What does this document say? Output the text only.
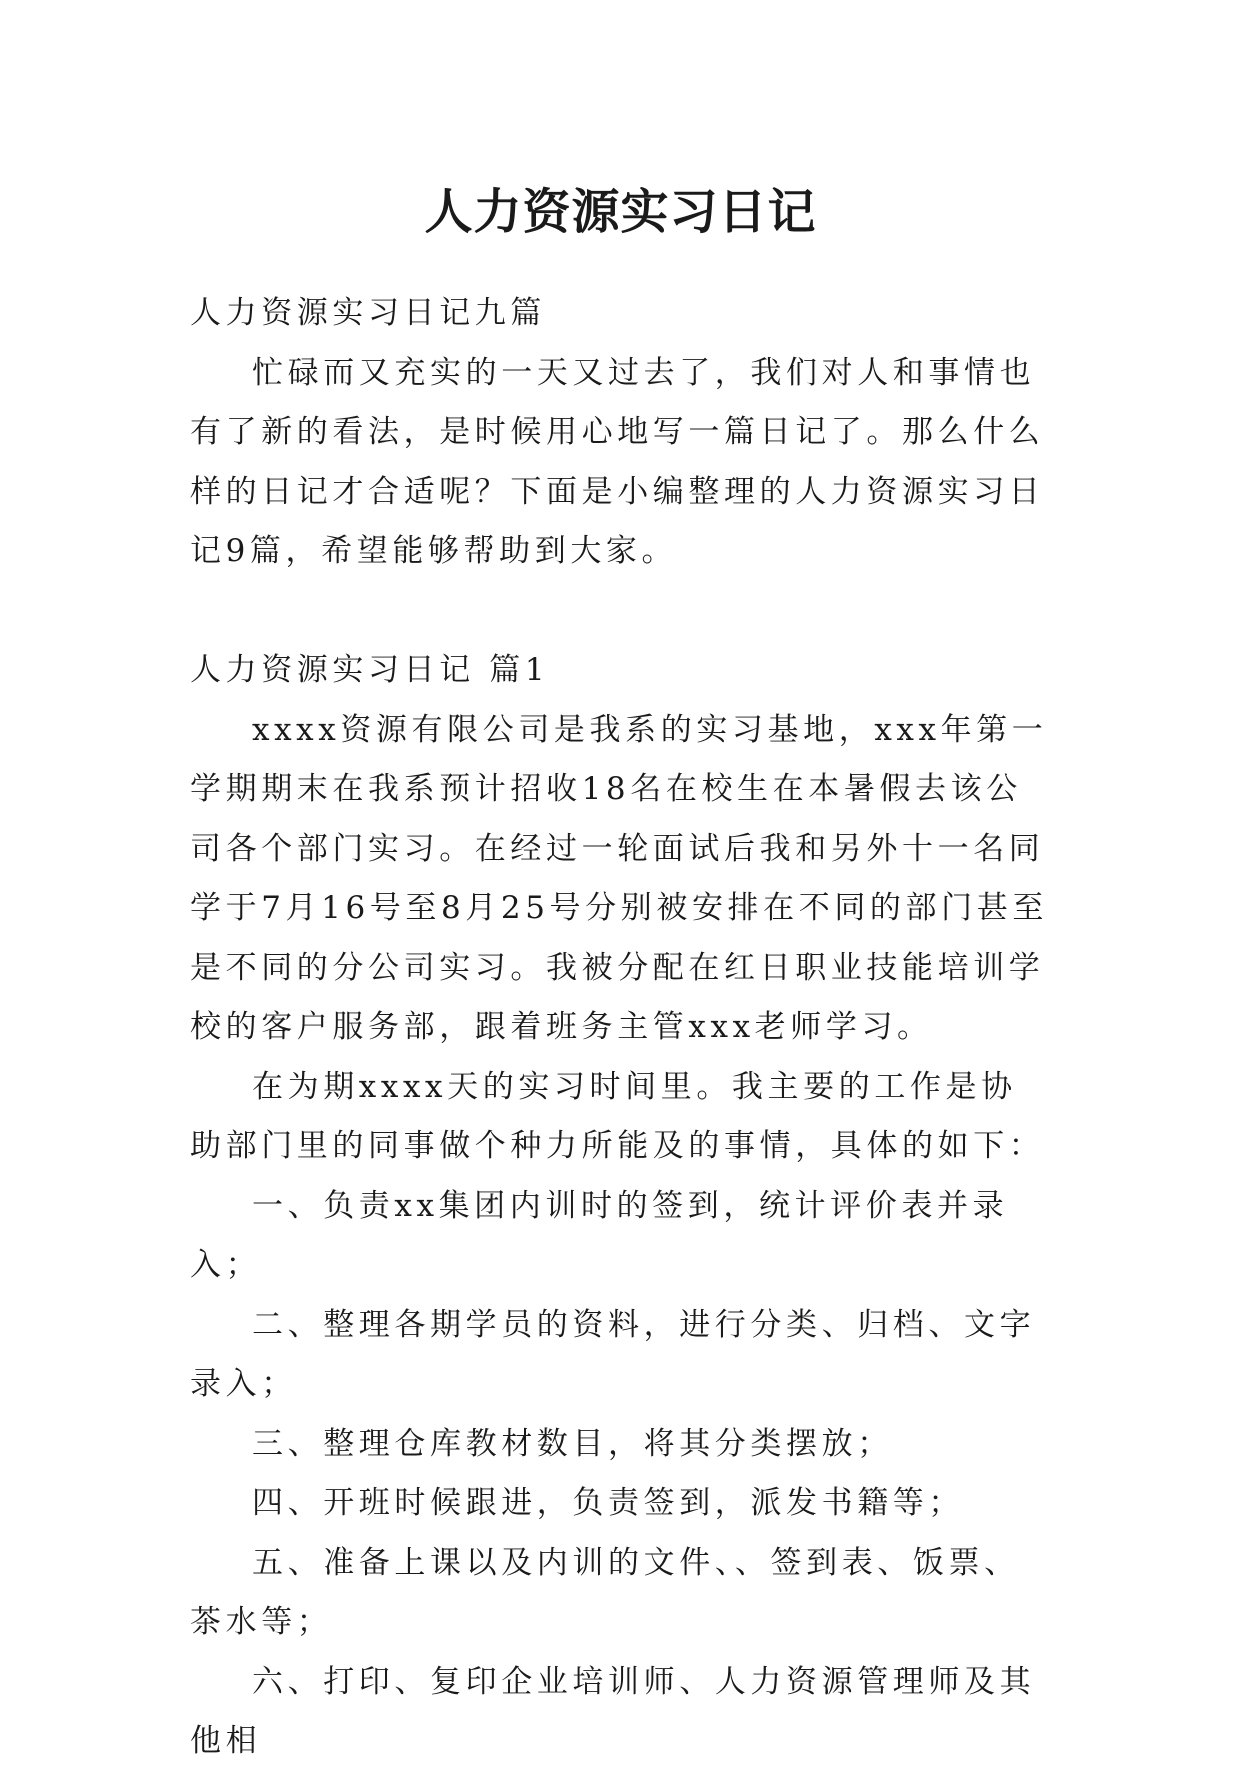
人力资源实习日记

人力资源实习日记九篇

忙碌而又充实的一天又过去了，我们对人和事情也有了新的看法，是时候用心地写一篇日记了。那么什么样的日记才合适呢？下面是小编整理的人力资源实习日记9篇，希望能够帮助到大家。

人力资源实习日记 篇1

xxxx资源有限公司是我系的实习基地，xxx年第一学期期末在我系预计招收18名在校生在本暑假去该公司各个部门实习。在经过一轮面试后我和另外十一名同学于7月16号至8月25号分别被安排在不同的部门甚至是不同的分公司实习。我被分配在红日职业技能培训学校的客户服务部，跟着班务主管xxx老师学习。

在为期xxxx天的实习时间里。我主要的工作是协助部门里的同事做个种力所能及的事情，具体的如下：

一、负责xx集团内训时的签到，统计评价表并录入；

二、整理各期学员的资料，进行分类、归档、文字录入；

三、整理仓库教材数目，将其分类摆放；

四、开班时候跟进，负责签到，派发书籍等；

五、准备上课以及内训的文件、、签到表、饭票、茶水等；

六、打印、复印企业培训师、人力资源管理师及其他相
